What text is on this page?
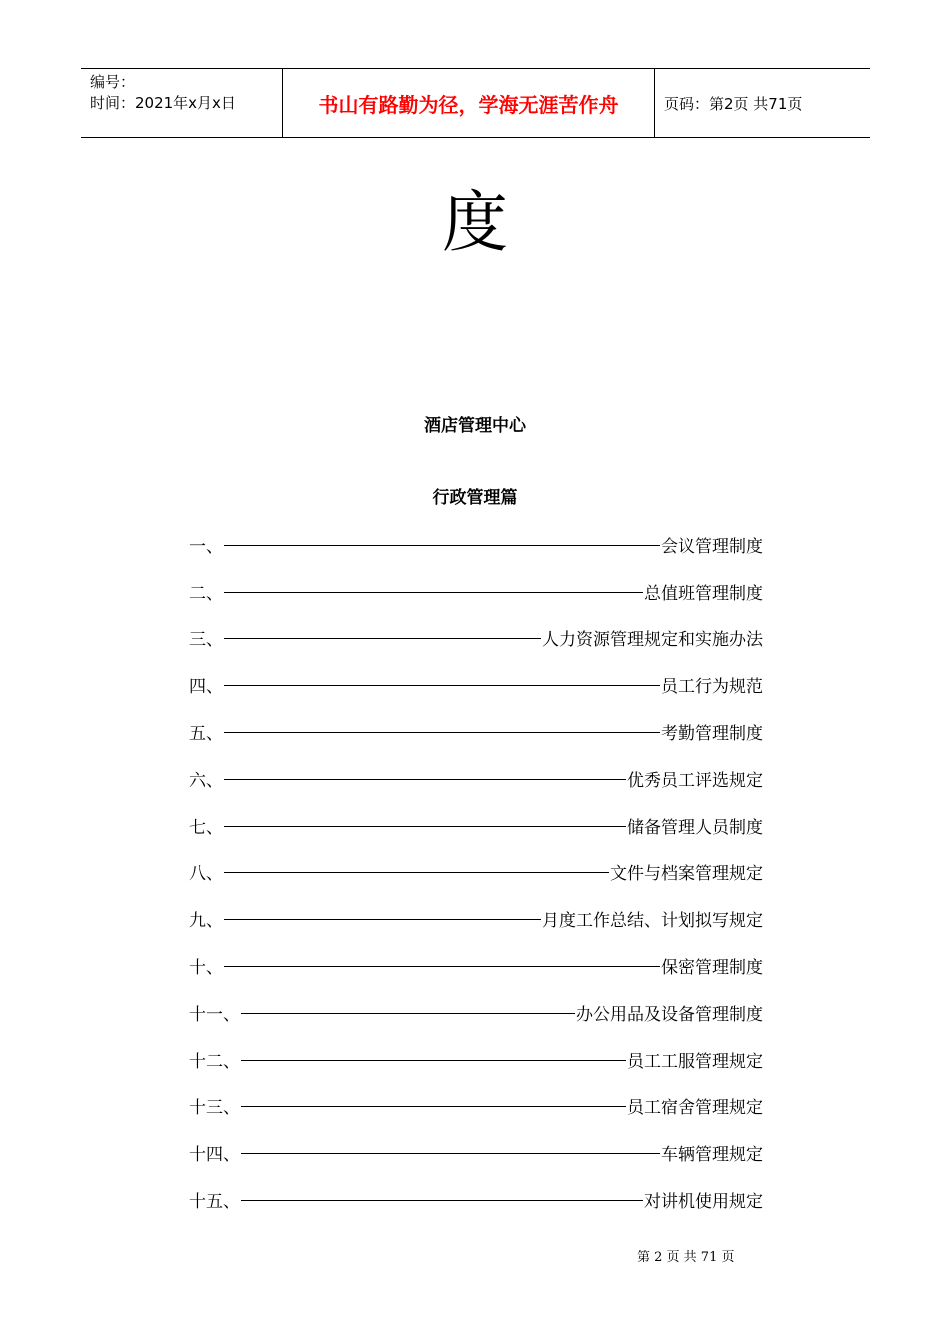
编号：
时间：2021年x月x日	书山有路勤为径，学海无涯苦作舟	页码：第2页 共71页
度
酒店管理中心
行政管理篇
一、	会议管理制度
二、	总值班管理制度
三、	人力资源管理规定和实施办法
四、	员工行为规范
五、	考勤管理制度
六、	优秀员工评选规定
七、	储备管理人员制度
八、	文件与档案管理规定
九、	月度工作总结、计划拟写规定
十、	保密管理制度
十一、	办公用品及设备管理制度
十二、	员工工服管理规定
十三、	员工宿舍管理规定
十四、	车辆管理规定
十五、	对讲机使用规定
第 2 页 共 71 页
